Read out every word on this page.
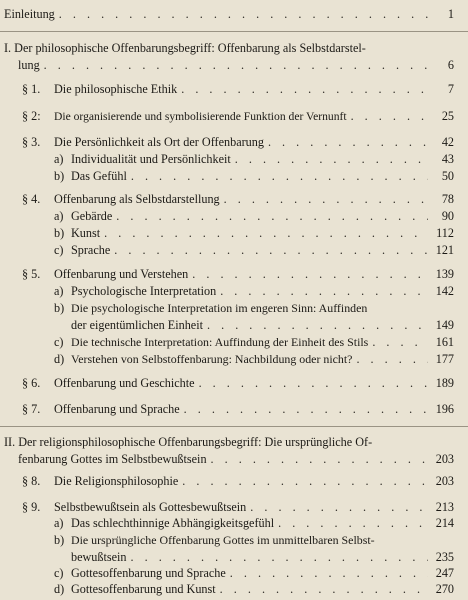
Einleitung . . .	1
I. Der philosophische Offenbarungsbegriff: Offenbarung als Selbstdarstel-
lung . . .	6
§ 1.	Die philosophische Ethik . . .	7
§ 2:	Die organisierende und symbolisierende Funktion der Vernunft . . .	25
§ 3.	Die Persönlichkeit als Ort der Offenbarung . . .	42
a) Individualität und Persönlichkeit . . .	43
b) Das Gefühl . . .	50
§ 4.	Offenbarung als Selbstdarstellung . . .	78
a) Gebärde . . .	90
b) Kunst . . .	112
c) Sprache . . .	121
§ 5.	Offenbarung und Verstehen . . .	139
a) Psychologische Interpretation . . .	142
b) Die psychologische Interpretation im engeren Sinn: Auffinden
der eigentümlichen Einheit . . .	149
c) Die technische Interpretation: Auffindung der Einheit des Stils . . .	161
d) Verstehen von Selbstoffenbarung: Nachbildung oder nicht? . . .	177
§ 6.	Offenbarung und Geschichte . . .	189
§ 7.	Offenbarung und Sprache . . .	196
II. Der religionsphilosophische Offenbarungsbegriff: Die ursprüngliche Of-
fenbarung Gottes im Selbstbewußtsein . . .	203
§ 8.	Die Religionsphilosophie . . .	203
§ 9.	Selbstbewußtsein als Gottesbewußtsein . . .	213
a) Das schlechthinnige Abhängigkeitsgefühl . . .	214
b) Die ursprüngliche Offenbarung Gottes im unmittelbaren Selbst-
bewußtsein . . .	235
c) Gottesoffenbarung und Sprache . . .	247
d) Gottesoffenbarung und Kunst . . .	270
